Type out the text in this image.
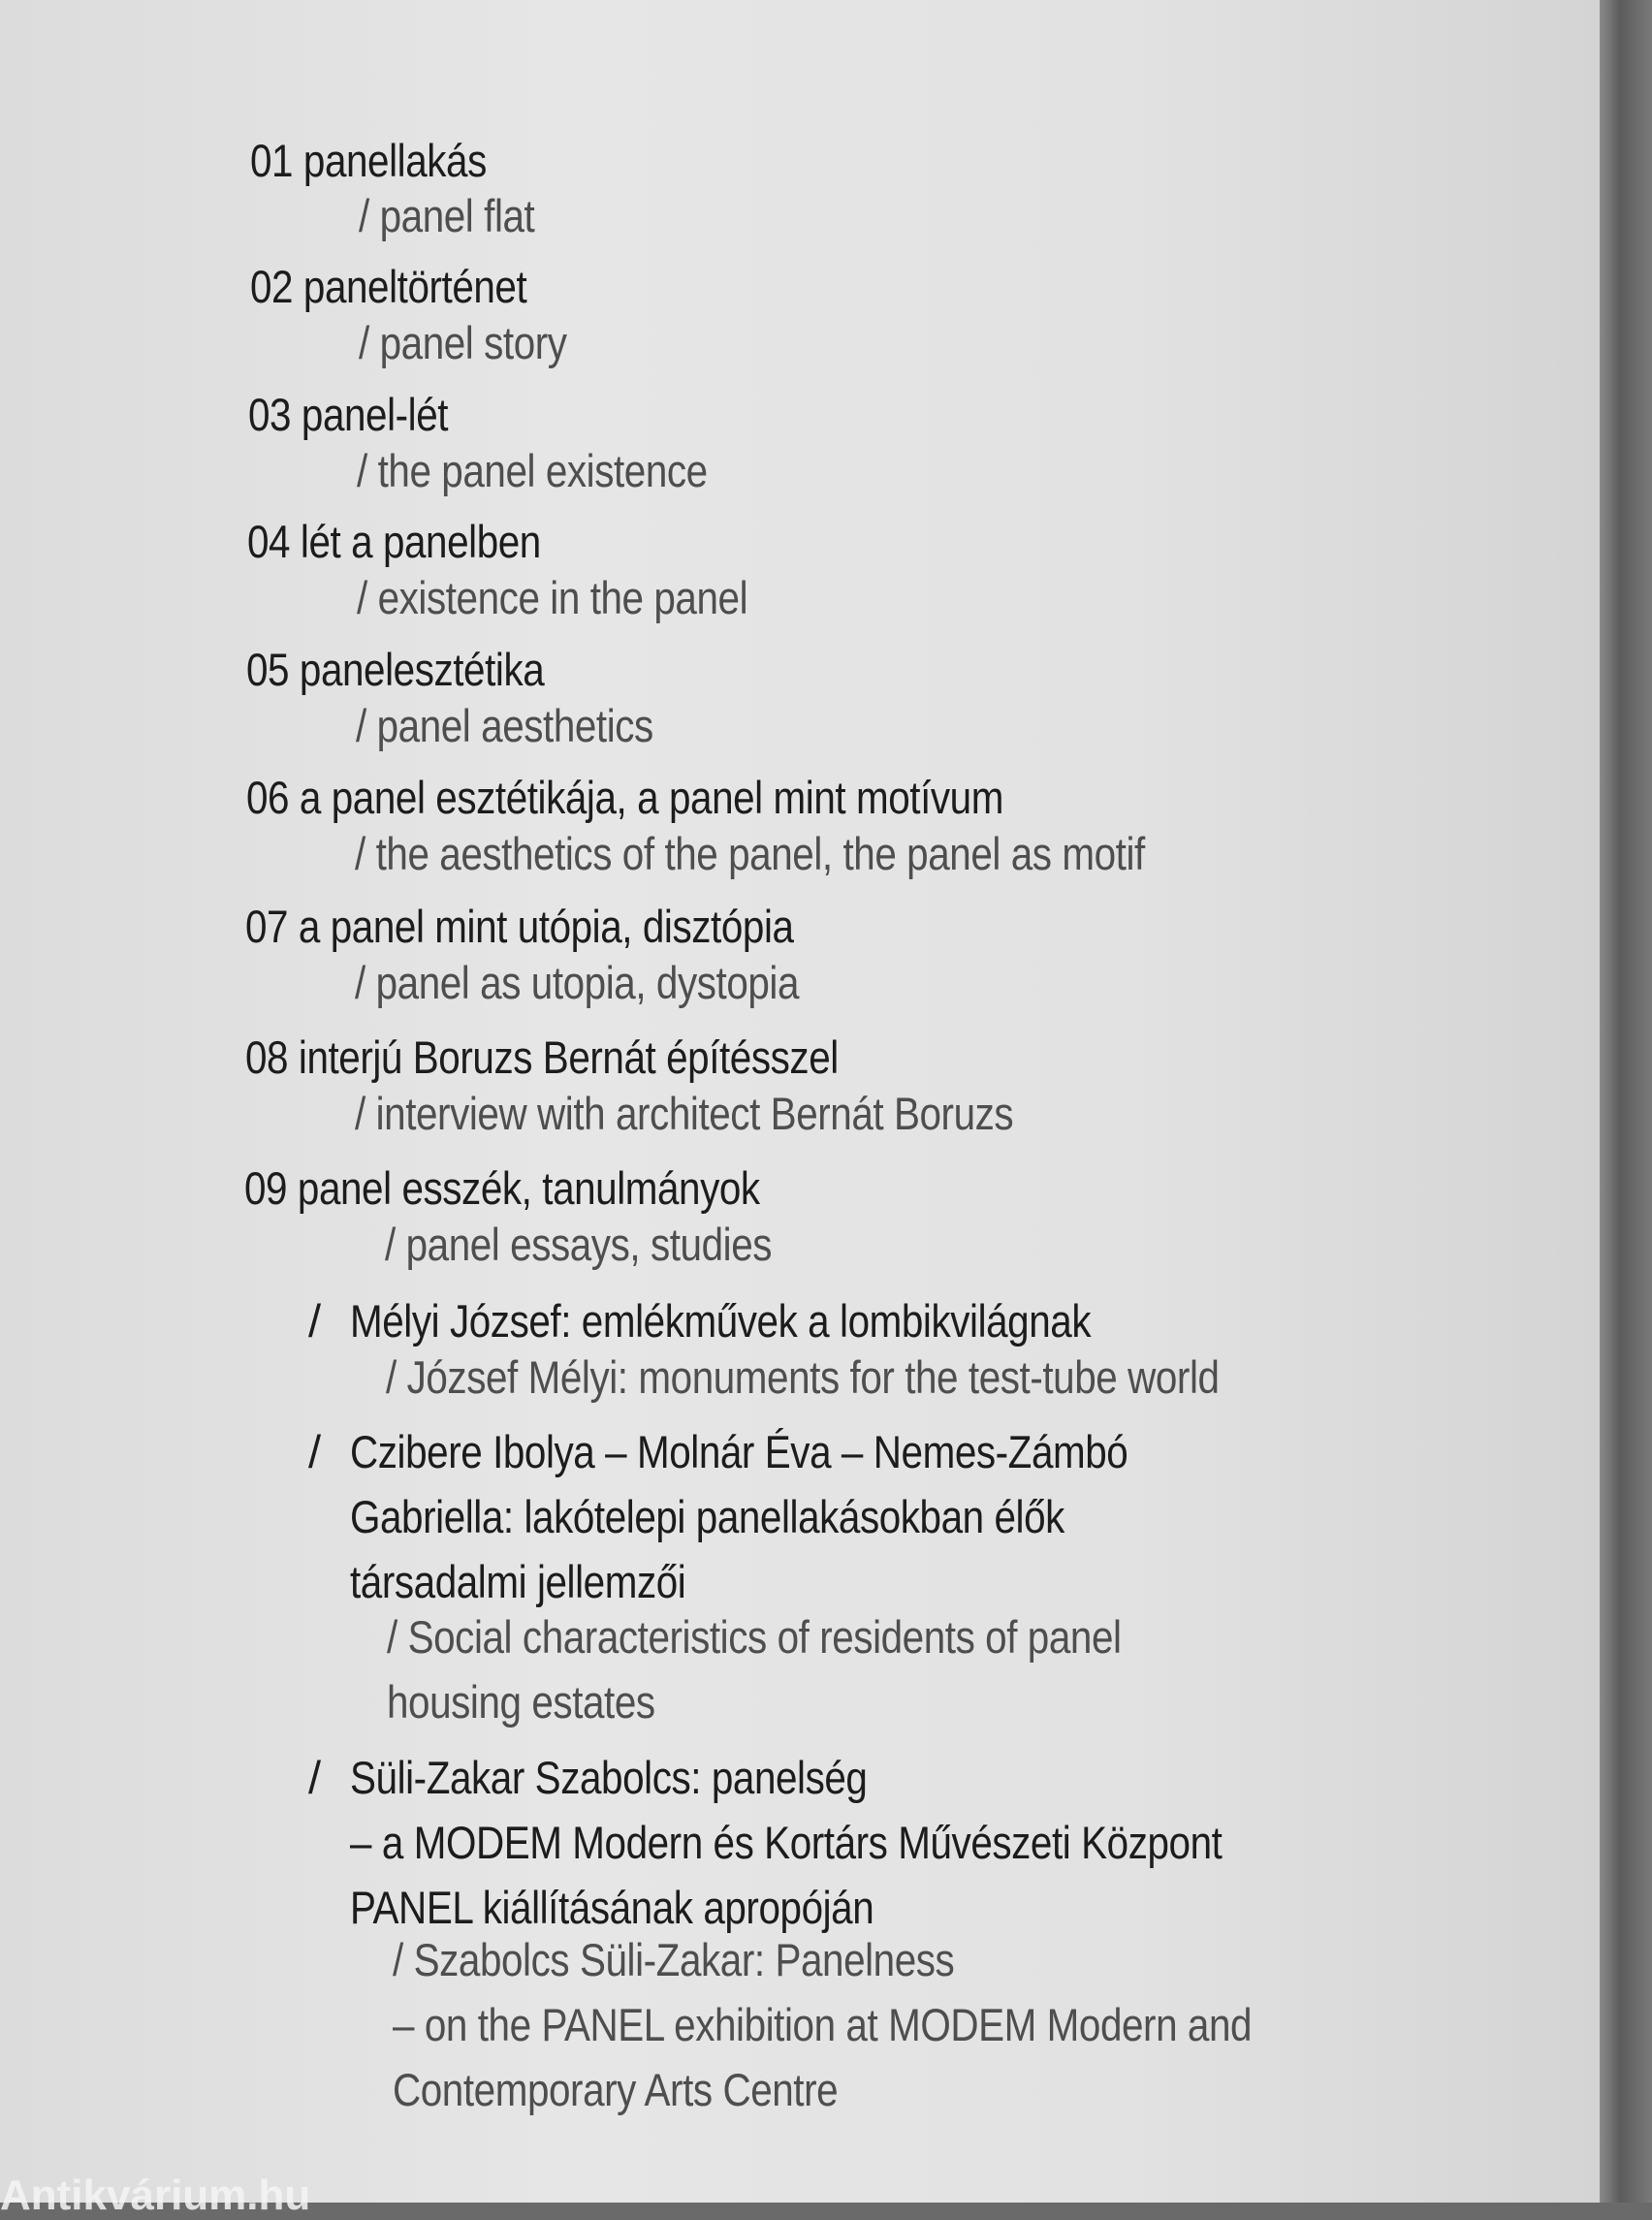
01 panellakás
/ panel flat
02 paneltörténet
/ panel story
03 panel-lét
/ the panel existence
04 lét a panelben
/ existence in the panel
05 panelesztétika
/ panel aesthetics
06 a panel esztétikája, a panel mint motívum
/ the aesthetics of the panel, the panel as motif
07 a panel mint utópia, disztópia
/ panel as utopia, dystopia
08 interjú Boruzs Bernát építésszel
/ interview with architect Bernát Boruzs
09 panel esszék, tanulmányok
/ panel essays, studies
/ Mélyi József: emlékművek a lombikvilágnak
/ József Mélyi: monuments for the test-tube world
/ Czibere Ibolya – Molnár Éva – Nemes-Zámbó
Gabriella: lakótelepi panellakásokban élők
társadalmi jellemzői
/ Social characteristics of residents of panel
housing estates
/ Süli-Zakar Szabolcs: panelség
– a MODEM Modern és Kortárs Művészeti Központ
PANEL kiállításának apropóján
/ Szabolcs Süli-Zakar: Panelness
– on the PANEL exhibition at MODEM Modern and
Contemporary Arts Centre
Antikvárium.hu
